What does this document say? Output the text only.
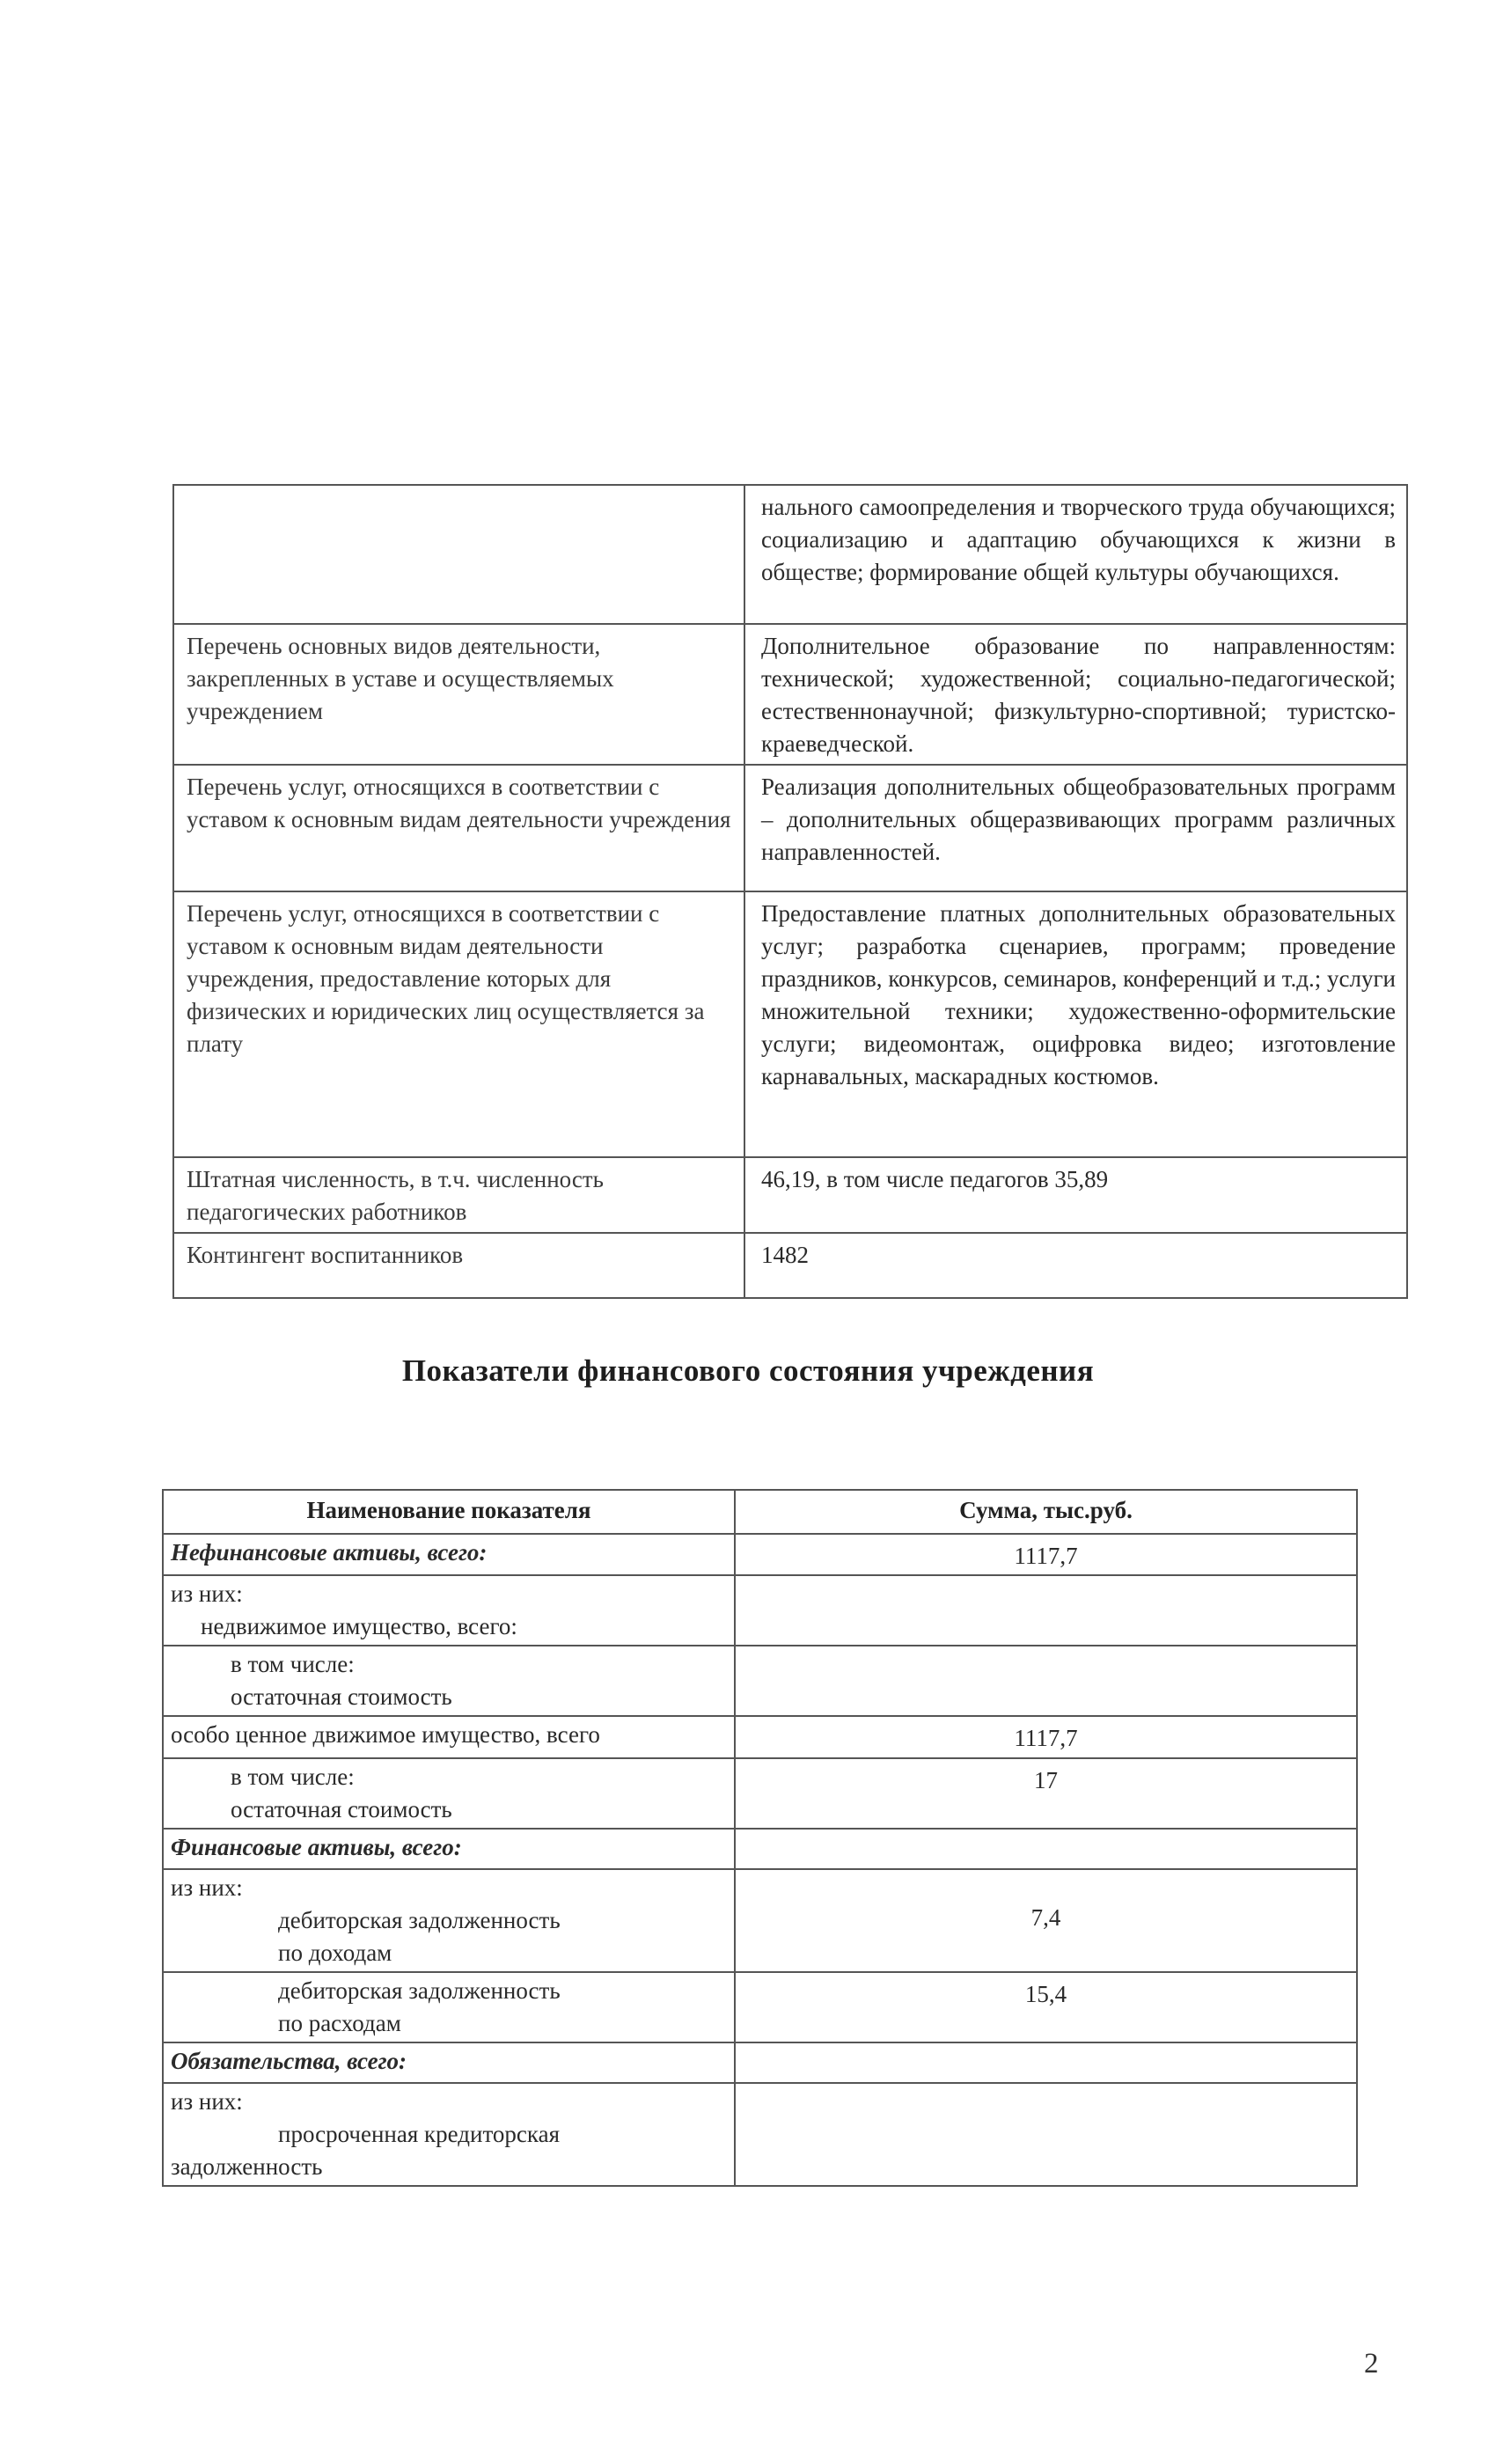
	нального самоопределения и творческого труда обучающихся; социализацию и адаптацию обучающихся к жизни в обществе; формирование общей культуры обучающихся.
Перечень основных видов деятельности, закрепленных в уставе и осуществляемых учреждением	Дополнительное образование по направленностям: технической; художественной; социально-педагогической; естественнонаучной; физкультурно-спортивной; туристско-краеведческой.
Перечень услуг, относящихся в соответствии с уставом к основным видам деятельности учреждения	Реализация дополнительных общеобразовательных программ – дополнительных общеразвивающих программ различных направленностей.
Перечень услуг, относящихся в соответствии с уставом к основным видам деятельности учреждения, предоставление которых для физических и юридических лиц осуществляется за плату	Предоставление платных дополнительных образовательных услуг; разработка сценариев, программ; проведение праздников, конкурсов, семинаров, конференций и т.д.; услуги множительной техники; художественно-оформительские услуги; видеомонтаж, оцифровка видео; изготовление карнавальных, маскарадных костюмов.
Штатная численность, в т.ч. численность педагогических работников	46,19, в том числе педагогов 35,89
Контингент воспитанников	1482
Показатели финансового состояния учреждения
Наименование показателя	Сумма, тыс.руб.
Нефинансовые активы, всего:	1117,7

из них:
недвижимое имущество, всего:	

в том числе:
остаточная стоимость	

особо ценное движимое имущество, всего	1117,7

в том числе:
остаточная стоимость	17
Финансовые активы, всего:	

из них:
дебиторская задолженность
по доходам	7,4

дебиторская задолженность
по расходам	15,4
Обязательства, всего:	

из них:
просроченная кредиторская
задолженность	

2
